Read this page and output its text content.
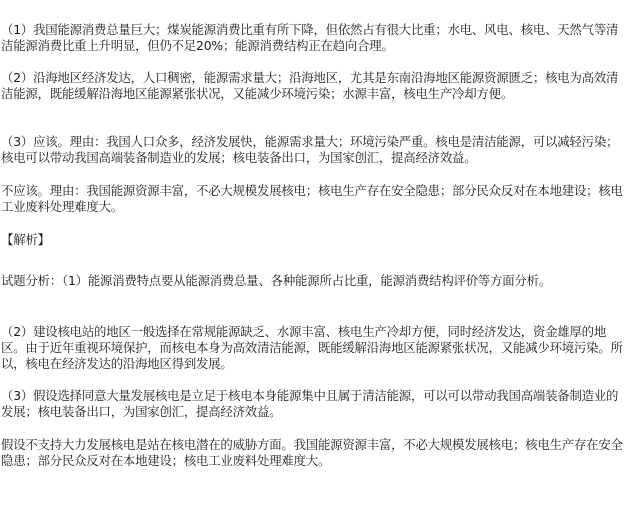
（1）我国能源消费总量巨大；煤炭能源消费比重有所下降，但依然占有很大比重；水电、风电、核电、天然气等清洁能源消费比重上升明显，但仍不足20%；能源消费结构正在趋向合理。

（2）沿海地区经济发达，人口稠密，能源需求量大；沿海地区，尤其是东南沿海地区能源资源匮乏；核电为高效清洁能源，既能缓解沿海地区能源紧张状况，又能减少环境污染；水源丰富，核电生产冷却方便。

（3）应该。理由：我国人口众多，经济发展快，能源需求量大；环境污染严重。核电是清洁能源，可以减轻污染；核电可以带动我国高端装备制造业的发展；核电装备出口，为国家创汇，提高经济效益。

不应该。理由：我国能源资源丰富，不必大规模发展核电；核电生产存在安全隐患；部分民众反对在本地建设；核电工业废料处理难度大。

【解析】

试题分析：（1）能源消费特点要从能源消费总量、各种能源所占比重，能源消费结构评价等方面分析。

（2）建设核电站的地区一般选择在常规能源缺乏、水源丰富、核电生产冷却方便，同时经济发达，资金雄厚的地区。由于近年重视环境保护，而核电本身为高效清洁能源，既能缓解沿海地区能源紧张状况，又能减少环境污染。所以，核电在经济发达的沿海地区得到发展。

（3）假设选择同意大量发展核电是立足于核电本身能源集中且属于清洁能源，可以可以带动我国高端装备制造业的发展；核电装备出口，为国家创汇，提高经济效益。

假设不支持大力发展核电是站在核电潜在的威胁方面。我国能源资源丰富，不必大规模发展核电；核电生产存在安全隐患；部分民众反对在本地建设；核电工业废料处理难度大。
